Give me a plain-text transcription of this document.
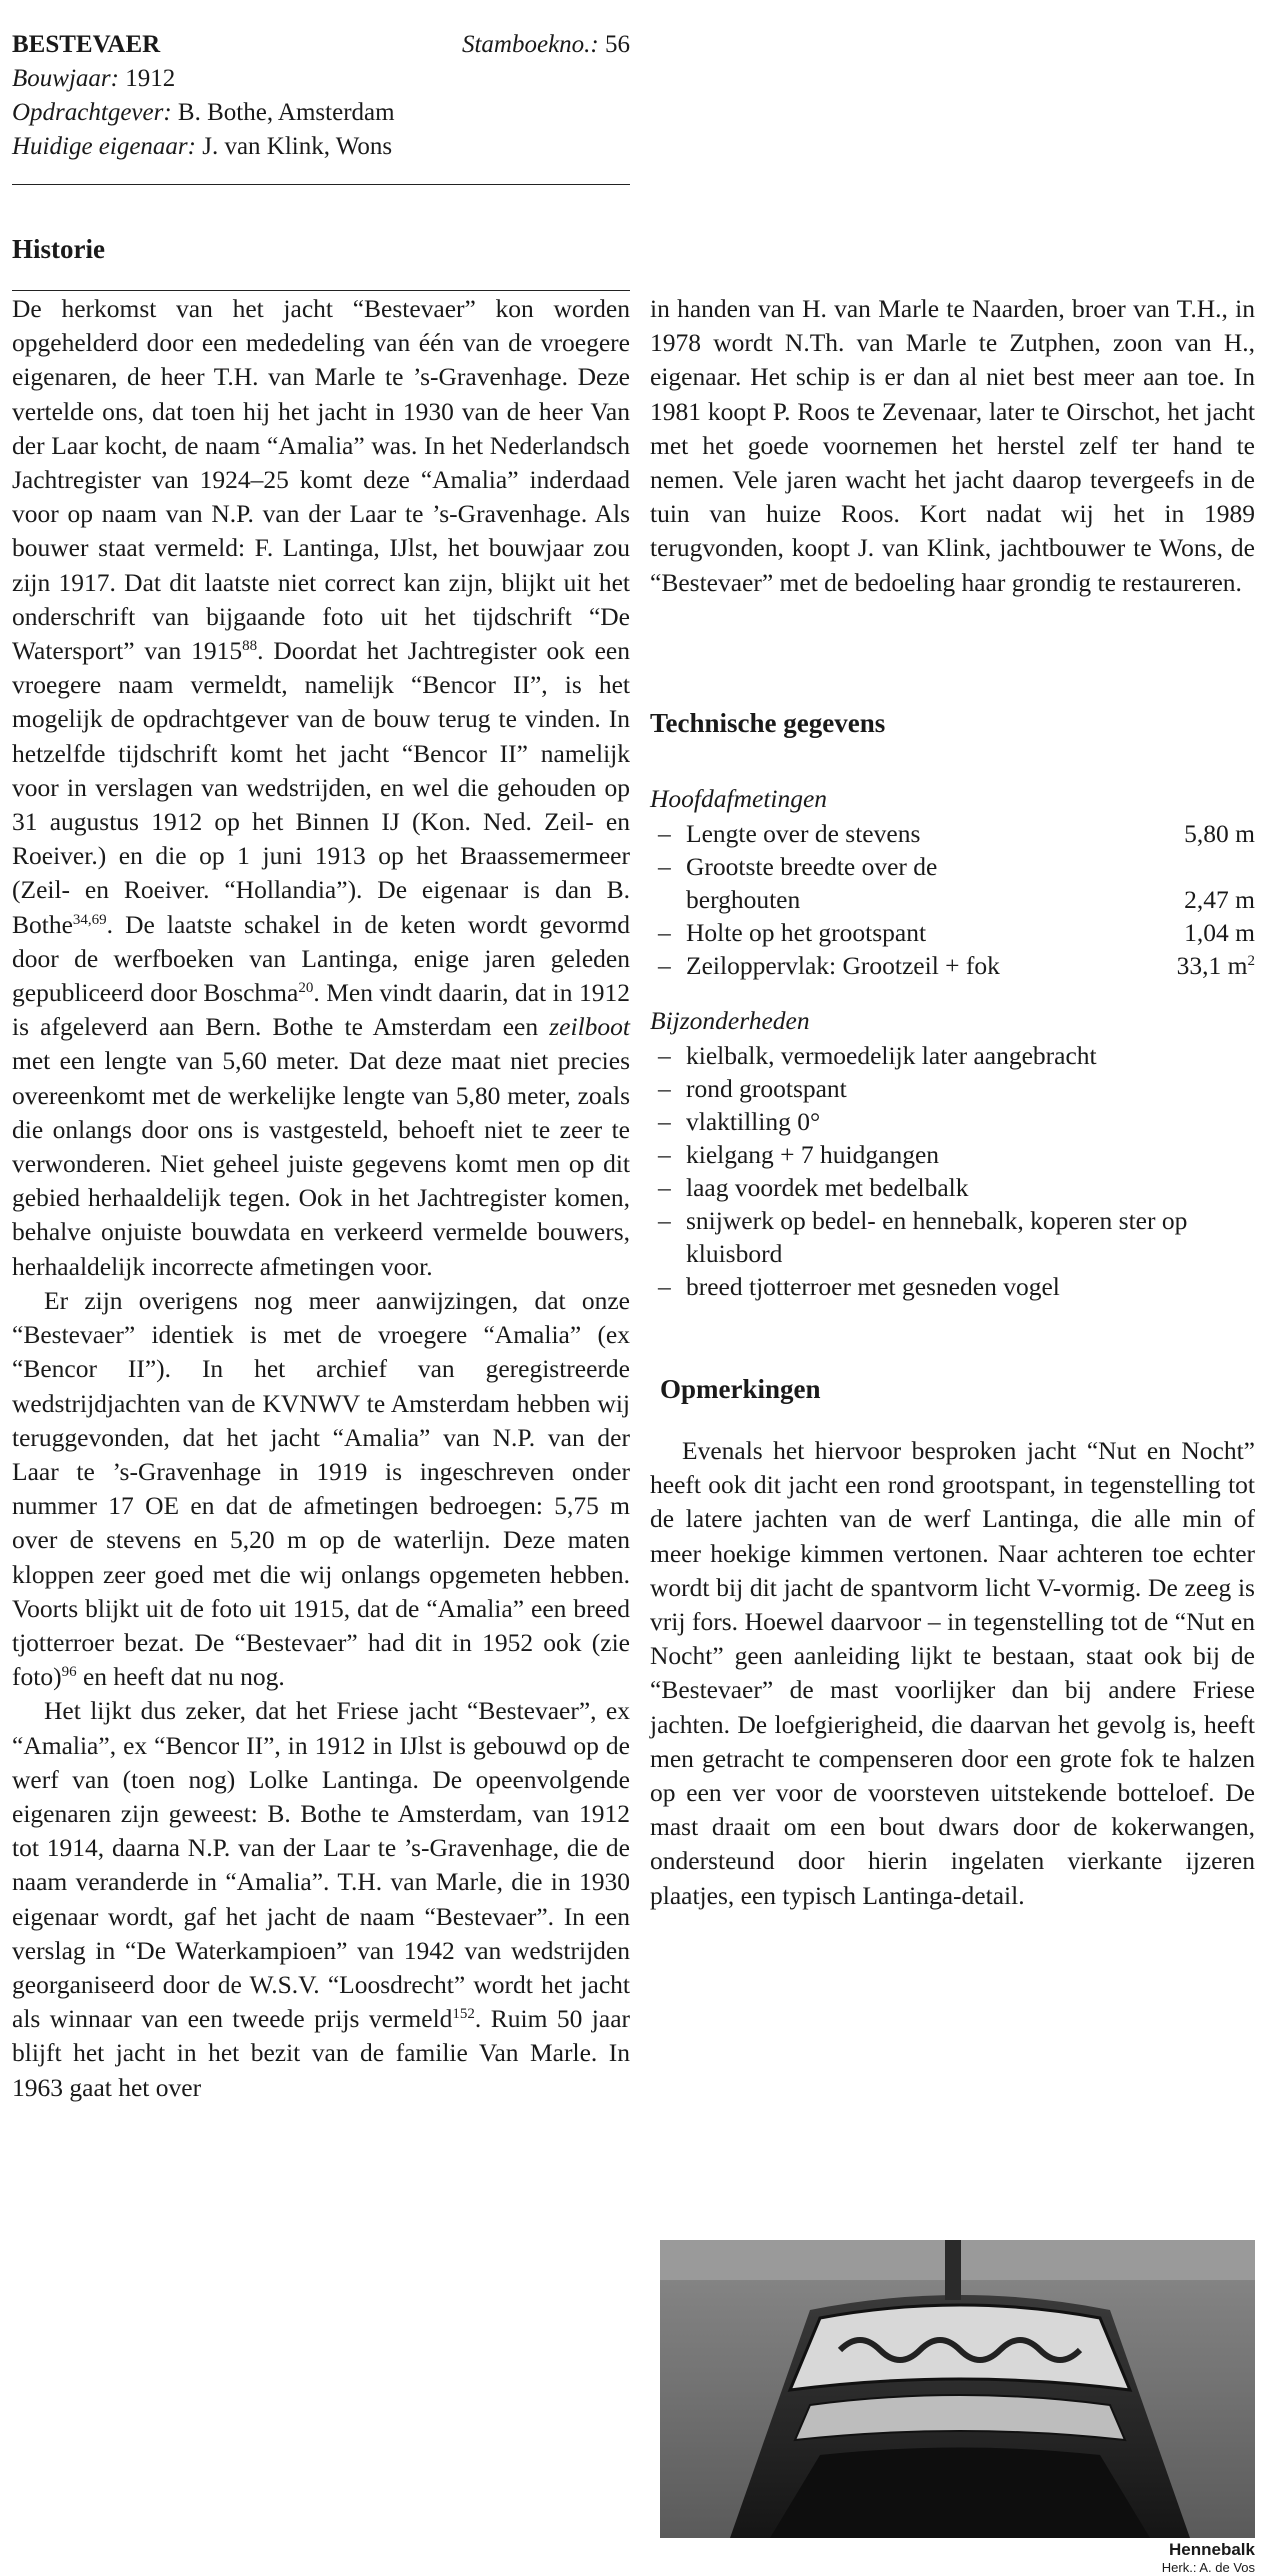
BESTEVAER	Stamboekno.: 56
Bouwjaar: 1912
Opdrachtgever: B. Bothe, Amsterdam
Huidige eigenaar: J. van Klink, Wons
Historie

De herkomst van het jacht “Bestevaer” kon worden opgehelderd door een mededeling van één van de vroegere eigenaren, de heer T.H. van Marle te ’s-Gravenhage. Deze vertelde ons, dat toen hij het jacht in 1930 van de heer Van der Laar kocht, de naam “Amalia” was. In het Nederlandsch Jachtregister van 1924–25 komt deze “Amalia” inderdaad voor op naam van N.P. van der Laar te ’s-Gravenhage. Als bouwer staat vermeld: F. Lantinga, IJlst, het bouwjaar zou zijn 1917. Dat dit laatste niet correct kan zijn, blijkt uit het onderschrift van bijgaande foto uit het tijdschrift “De Watersport” van 1915$^{88}$. Doordat het Jachtregister ook een vroegere naam vermeldt, namelijk “Bencor II”, is het mogelijk de opdrachtgever van de bouw terug te vinden. In hetzelfde tijdschrift komt het jacht “Bencor II” namelijk voor in verslagen van wedstrijden, en wel die gehouden op 31 augustus 1912 op het Binnen IJ (Kon. Ned. Zeil- en Roeiver.) en die op 1 juni 1913 op het Braassemermeer (Zeil- en Roeiver. “Hollandia”). De eigenaar is dan B. Bothe$^{34,69}$. De laatste schakel in de keten wordt gevormd door de werfboeken van Lantinga, enige jaren geleden gepubliceerd door Boschma$^{20}$. Men vindt daarin, dat in 1912 is afgeleverd aan Bern. Bothe te Amsterdam een zeilboot met een lengte van 5,60 meter. Dat deze maat niet precies overeenkomt met de werkelijke lengte van 5,80 meter, zoals die onlangs door ons is vastgesteld, behoeft niet te zeer te verwonderen. Niet geheel juiste gegevens komt men op dit gebied herhaaldelijk tegen. Ook in het Jachtregister komen, behalve onjuiste bouwdata en verkeerd vermelde bouwers, herhaaldelijk incorrecte afmetingen voor.

Er zijn overigens nog meer aanwijzingen, dat onze “Bestevaer” identiek is met de vroegere “Amalia” (ex “Bencor II”). In het archief van geregistreerde wedstrijdjachten van de KVNWV te Amsterdam hebben wij teruggevonden, dat het jacht “Amalia” van N.P. van der Laar te ’s-Gravenhage in 1919 is ingeschreven onder nummer 17 OE en dat de afmetingen bedroegen: 5,75 m over de stevens en 5,20 m op de waterlijn. Deze maten kloppen zeer goed met die wij onlangs opgemeten hebben. Voorts blijkt uit de foto uit 1915, dat de “Amalia” een breed tjotterroer bezat. De “Bestevaer” had dit in 1952 ook (zie foto)$^{96}$ en heeft dat nu nog.

Het lijkt dus zeker, dat het Friese jacht “Bestevaer”, ex “Amalia”, ex “Bencor II”, in 1912 in IJlst is gebouwd op de werf van (toen nog) Lolke Lantinga. De opeenvolgende eigenaren zijn geweest: B. Bothe te Amsterdam, van 1912 tot 1914, daarna N.P. van der Laar te ’s-Gravenhage, die de naam veranderde in “Amalia”. T.H. van Marle, die in 1930 eigenaar wordt, gaf het jacht de naam “Bestevaer”. In een verslag in “De Waterkampioen” van 1942 van wedstrijden georganiseerd door de W.S.V. “Loosdrecht” wordt het jacht als winnaar van een tweede prijs vermeld$^{152}$. Ruim 50 jaar blijft het jacht in het bezit van de familie Van Marle. In 1963 gaat het over

in handen van H. van Marle te Naarden, broer van T.H., in 1978 wordt N.Th. van Marle te Zutphen, zoon van H., eigenaar. Het schip is er dan al niet best meer aan toe. In 1981 koopt P. Roos te Zevenaar, later te Oirschot, het jacht met het goede voornemen het herstel zelf ter hand te nemen. Vele jaren wacht het jacht daarop tevergeefs in de tuin van huize Roos. Kort nadat wij het in 1989 terugvonden, koopt J. van Klink, jachtbouwer te Wons, de “Bestevaer” met de bedoeling haar grondig te restaureren.

Technische gegevens
Hoofdafmetingen
– Lengte over de stevens	5,80 m
– Grootste breedte over de
berghouten	2,47 m
– Holte op het grootspant	1,04 m
– Zeiloppervlak: Grootzeil + fok	33,1 $m^2$
Bijzonderheden
– kielbalk, vermoedelijk later aangebracht
– rond grootspant
– vlaktilling 0°
– kielgang + 7 huidgangen
– laag voordek met bedelbalk
– snijwerk op bedel- en hennebalk, koperen ster op kluisbord
– breed tjotterroer met gesneden vogel
Opmerkingen

Evenals het hiervoor besproken jacht “Nut en Nocht” heeft ook dit jacht een rond grootspant, in tegenstelling tot de latere jachten van de werf Lantinga, die alle min of meer hoekige kimmen vertonen. Naar achteren toe echter wordt bij dit jacht de spantvorm licht V-vormig. De zeeg is vrij fors. Hoewel daarvoor – in tegenstelling tot de “Nut en Nocht” geen aanleiding lijkt te bestaan, staat ook bij de “Bestevaer” de mast voorlijker dan bij andere Friese jachten. De loefgierigheid, die daarvan het gevolg is, heeft men getracht te compenseren door een grote fok te halzen op een ver voor de voorsteven uitstekende botteloef. De mast draait om een bout dwars door de kokerwangen, ondersteund door hierin ingelaten vierkante ijzeren plaatjes, een typisch Lantinga-detail.

Hennebalk
Herk.: A. de Vos
